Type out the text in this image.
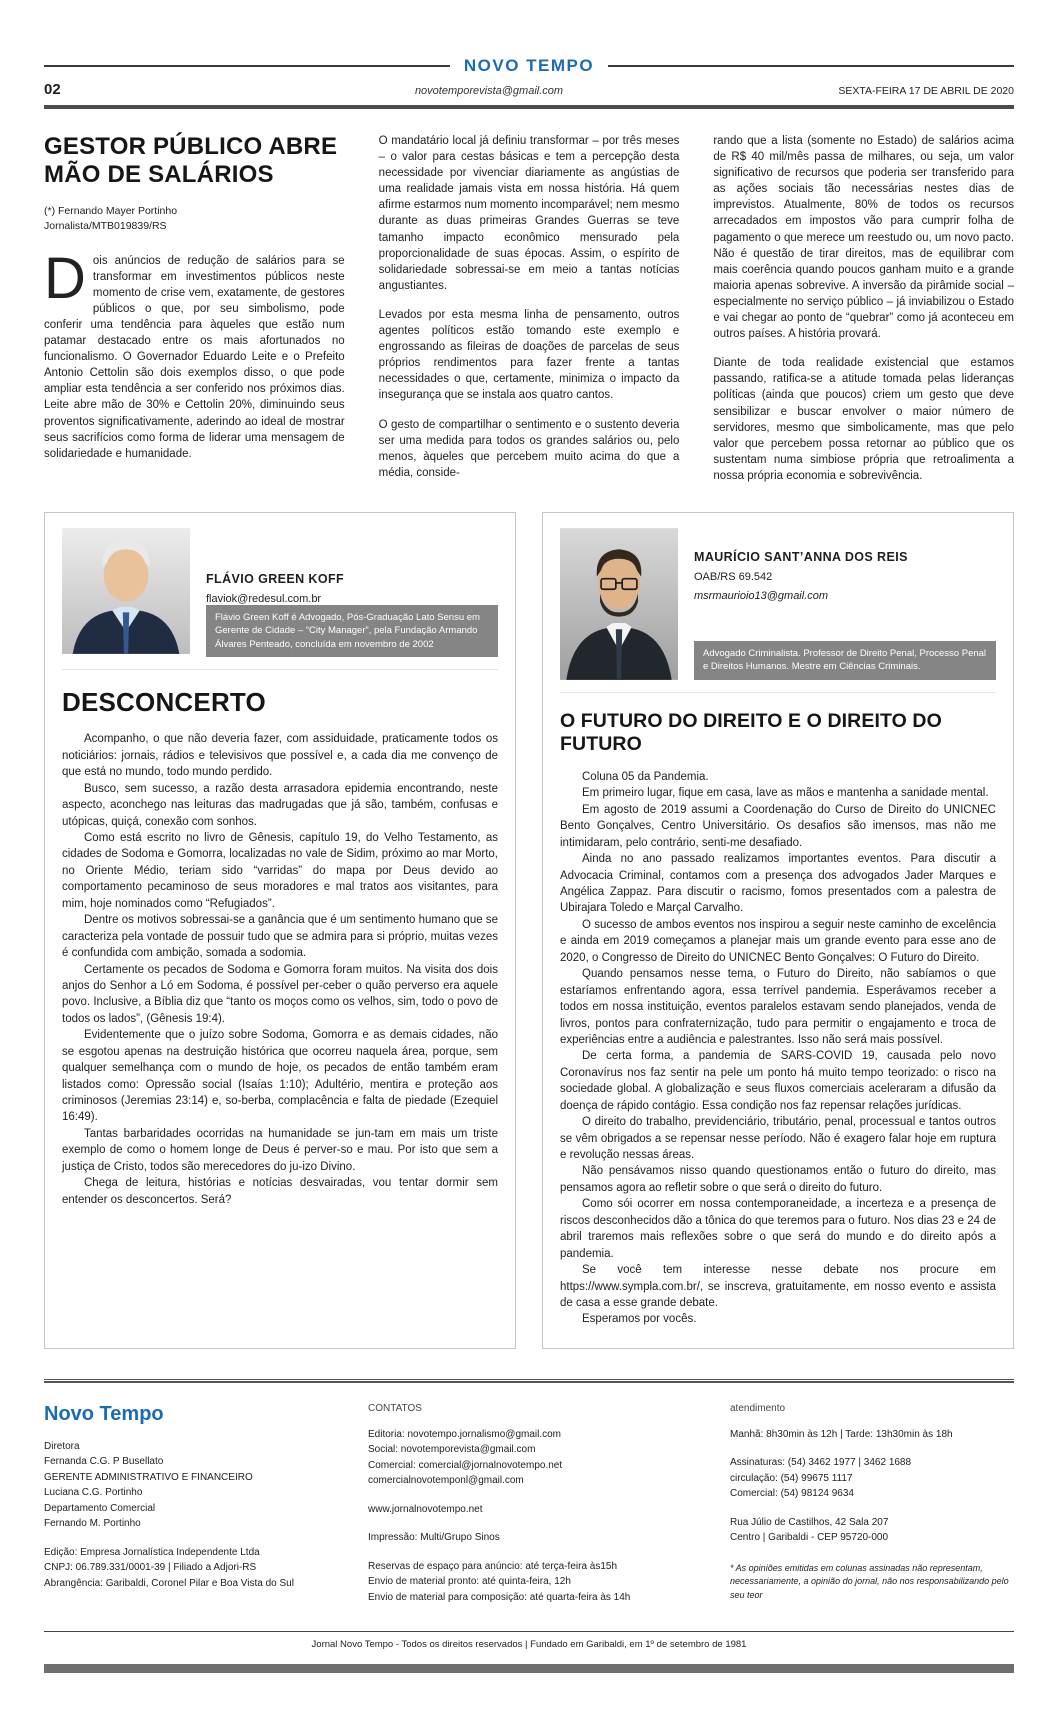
NOVO TEMPO
02	novotemporevista@gmail.com	SEXTA-FEIRA 17 DE ABRIL DE 2020
GESTOR PÚBLICO ABRE MÃO DE SALÁRIOS

(*) Fernando Mayer Portinho

Jornalista/MTB019839/RS

Dois anúncios de redução de salários para se transformar em investimentos públicos neste momento de crise vem, exatamente, de gestores públicos o que, por seu simbolismo, pode conferir uma tendência para àqueles que estão num patamar destacado entre os mais afortunados no funcionalismo. O Governador Eduardo Leite e o Prefeito Antonio Cettolin são dois exemplos disso, o que pode ampliar esta tendência a ser conferido nos próximos dias. Leite abre mão de 30% e Cettolin 20%, diminuindo seus proventos significativamente, aderindo ao ideal de mostrar seus sacrifícios como forma de liderar uma mensagem de solidariedade e humanidade.

O mandatário local já definiu transformar – por três meses – o valor para cestas básicas e tem a percepção desta necessidade por vivenciar diariamente as angústias de uma realidade jamais vista em nossa história. Há quem afirme estarmos num momento incomparável; nem mesmo durante as duas primeiras Grandes Guerras se teve tamanho impacto econômico mensurado pela proporcionalidade de suas épocas. Assim, o espírito de solidariedade sobressai-se em meio a tantas notícias angustiantes.

Levados por esta mesma linha de pensamento, outros agentes políticos estão tomando este exemplo e engrossando as fileiras de doações de parcelas de seus próprios rendimentos para fazer frente a tantas necessidades o que, certamente, minimiza o impacto da insegurança que se instala aos quatro cantos.

O gesto de compartilhar o sentimento e o sustento deveria ser uma medida para todos os grandes salários ou, pelo menos, àqueles que percebem muito acima do que a média, conside-

rando que a lista (somente no Estado) de salários acima de R$ 40 mil/mês passa de milhares, ou seja, um valor significativo de recursos que poderia ser transferido para as ações sociais tão necessárias nestes dias de imprevistos. Atualmente, 80% de todos os recursos arrecadados em impostos vão para cumprir folha de pagamento o que merece um reestudo ou, um novo pacto. Não é questão de tirar direitos, mas de equilibrar com mais coerência quando poucos ganham muito e a grande maioria apenas sobrevive. A inversão da pirâmide social – especialmente no serviço público – já inviabilizou o Estado e vai chegar ao ponto de “quebrar” como já aconteceu em outros países. A história provará.

Diante de toda realidade existencial que estamos passando, ratifica-se a atitude tomada pelas lideranças políticas (ainda que poucos) criem um gesto que deve sensibilizar e buscar envolver o maior número de servidores, mesmo que simbolicamente, mas que pelo valor que percebem possa retornar ao público que os sustentam numa simbiose própria que retroalimenta a nossa própria economia e sobrevivência.

FLÁVIO GREEN KOFF
flaviok@redesul.com.br
Flávio Green Koff é Advogado, Pós-Graduação Lato Sensu em Gerente de Cidade – “City Manager”, pela Fundação Armando Álvares Penteado, concluída em novembro de 2002
DESCONCERTO

Acompanho, o que não deveria fazer, com assiduidade, praticamente todos os noticiários: jornais, rádios e televisivos que possível e, a cada dia me convenço de que está no mundo, todo mundo perdido.

Busco, sem sucesso, a razão desta arrasadora epidemia encontrando, neste aspecto, aconchego nas leituras das madrugadas que já são, também, confusas e utópicas, quiçá, conexão com sonhos.

Como está escrito no livro de Gênesis, capítulo 19, do Velho Testamento, as cidades de Sodoma e Gomorra, localizadas no vale de Sidim, próximo ao mar Morto, no Oriente Médio, teriam sido “varridas” do mapa por Deus devido ao comportamento pecaminoso de seus moradores e mal tratos aos visitantes, para mim, hoje nominados como “Refugiados”.

Dentre os motivos sobressai-se a ganância que é um sentimento humano que se caracteriza pela vontade de possuir tudo que se admira para si próprio, muitas vezes é confundida com ambição, somada a sodomia.

Certamente os pecados de Sodoma e Gomorra foram muitos. Na visita dos dois anjos do Senhor a Ló em Sodoma, é possível per-ceber o quão perverso era aquele povo. Inclusive, a Bíblia diz que “tanto os moços como os velhos, sim, todo o povo de todos os lados”, (Gênesis 19:4).

Evidentemente que o juízo sobre Sodoma, Gomorra e as demais cidades, não se esgotou apenas na destruição histórica que ocorreu naquela área, porque, sem qualquer semelhança com o mundo de hoje, os pecados de então também eram listados como: Opressão social (Isaías 1:10); Adultério, mentira e proteção aos criminosos (Jeremias 23:14) e, so-berba, complacência e falta de piedade (Ezequiel 16:49).

Tantas barbaridades ocorridas na humanidade se jun-tam em mais um triste exemplo de como o homem longe de Deus é perver-so e mau. Por isto que sem a justiça de Cristo, todos são merecedores do ju-izo Divino.

Chega de leitura, histórias e notícias desvairadas, vou tentar dormir sem entender os desconcertos. Será?

MAURÍCIO SANT’ANNA DOS REIS
OAB/RS 69.542
msrmaurioio13@gmail.com
Advogado Criminalista. Professor de Direito Penal, Processo Penal e Direitos Humanos. Mestre em Ciências Criminais.
O FUTURO DO DIREITO E O DIREITO DO FUTURO

Coluna 05 da Pandemia.

Em primeiro lugar, fique em casa, lave as mãos e mantenha a sanidade mental.

Em agosto de 2019 assumi a Coordenação do Curso de Direito do UNICNEC Bento Gonçalves, Centro Universitário. Os desafios são imensos, mas não me intimidaram, pelo contrário, senti-me desafiado.

Ainda no ano passado realizamos importantes eventos. Para discutir a Advocacia Criminal, contamos com a presença dos advogados Jader Marques e Angélica Zappaz. Para discutir o racismo, fomos presentados com a palestra de Ubirajara Toledo e Marçal Carvalho.

O sucesso de ambos eventos nos inspirou a seguir neste caminho de excelência e ainda em 2019 começamos a planejar mais um grande evento para esse ano de 2020, o Congresso de Direito do UNICNEC Bento Gonçalves: O Futuro do Direito.

Quando pensamos nesse tema, o Futuro do Direito, não sabíamos o que estaríamos enfrentando agora, essa terrível pandemia. Esperávamos receber a todos em nossa instituição, eventos paralelos estavam sendo planejados, venda de livros, pontos para confraternização, tudo para permitir o engajamento e troca de experiências entre a audiência e palestrantes. Isso não será mais possível.

De certa forma, a pandemia de SARS-COVID 19, causada pelo novo Coronavírus nos faz sentir na pele um ponto há muito tempo teorizado: o risco na sociedade global. A globalização e seus fluxos comerciais aceleraram a difusão da doença de rápido contágio. Essa condição nos faz repensar relações jurídicas.

O direito do trabalho, previdenciário, tributário, penal, processual e tantos outros se vêm obrigados a se repensar nesse período. Não é exagero falar hoje em ruptura e revolução nessas áreas.

Não pensávamos nisso quando questionamos então o futuro do direito, mas pensamos agora ao refletir sobre o que será o direito do futuro.

Como sói ocorrer em nossa contemporaneidade, a incerteza e a presença de riscos desconhecidos dão a tônica do que teremos para o futuro. Nos dias 23 e 24 de abril traremos mais reflexões sobre o que será do mundo e do direito após a pandemia.

Se você tem interesse nesse debate nos procure em https://www.sympla.com.br/, se inscreva, gratuitamente, em nosso evento e assista de casa a esse grande debate.

Esperamos por vocês.

Novo Tempo

Diretora

Fernanda C.G. P Busellato

GERENTE ADMINISTRATIVO E FINANCEIRO

Luciana C.G. Portinho

Departamento Comercial

Fernando M. Portinho

Edição: Empresa Jornalística Independente Ltda

CNPJ: 06.789.331/0001-39 | Filiado a Adjori-RS

Abrangência: Garibaldi, Coronel Pilar e Boa Vista do Sul

CONTATOS

Editoria: novotempo.jornalismo@gmail.com

Social: novotemporevista@gmail.com

Comercial: comercial@jornalnovotempo.net

comercialnovotemponl@gmail.com

www.jornalnovotempo.net

Impressão: Multi/Grupo Sinos

Reservas de espaço para anúncio: até terça-feira às15h

Envio de material pronto: até quinta-feira, 12h

Envio de material para composição: até quarta-feira às 14h

atendimento

Manhã: 8h30min às 12h | Tarde: 13h30min às 18h

Assinaturas: (54) 3462 1977 | 3462 1688

circulação: (54) 99675 1117

Comercial: (54) 98124 9634

Rua Júlio de Castilhos, 42 Sala 207

Centro | Garibaldi - CEP 95720-000

* As opiniões emitidas em colunas assinadas não representam, necessariamente, a opinião do jornal, não nos responsabilizando pelo seu teor
Jornal Novo Tempo - Todos os direitos reservados | Fundado em Garibaldi, em 1º de setembro de 1981
